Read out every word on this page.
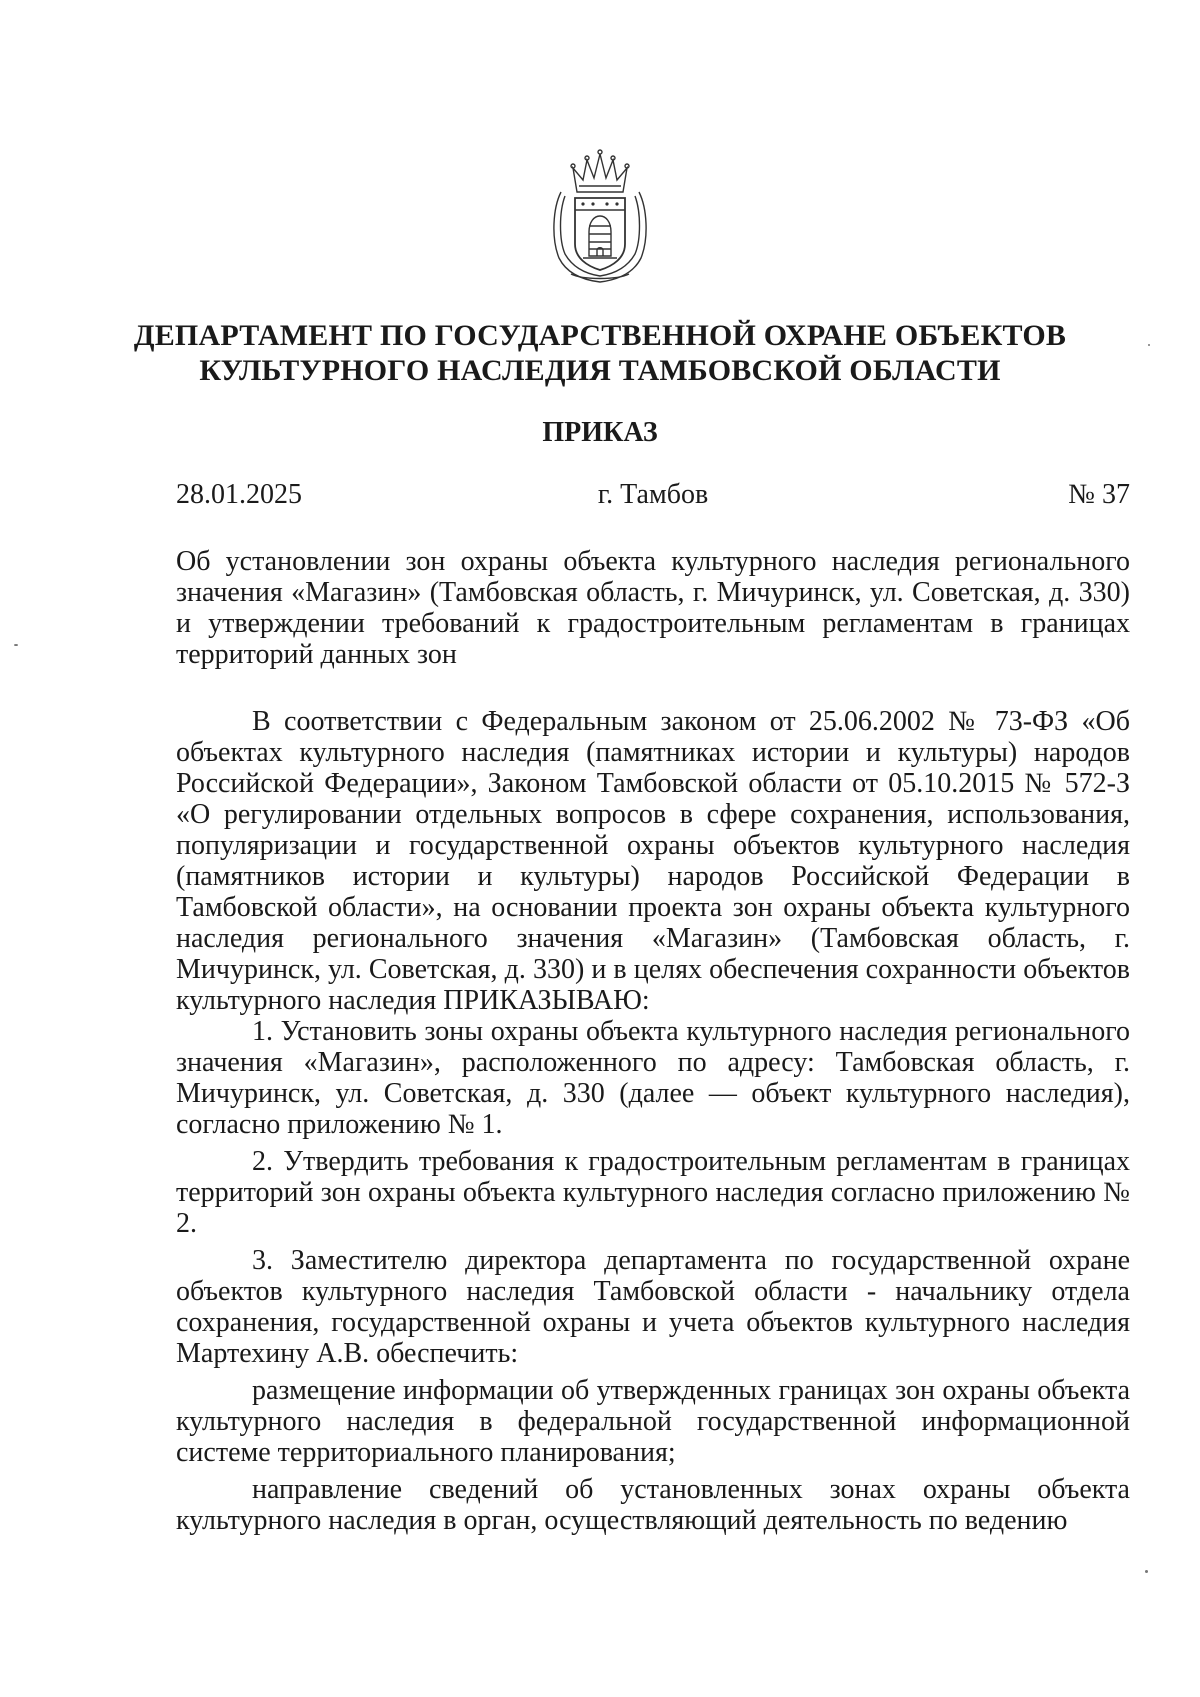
ДЕПАРТАМЕНТ ПО ГОСУДАРСТВЕННОЙ ОХРАНЕ ОБЪЕКТОВ
КУЛЬТУРНОГО НАСЛЕДИЯ ТАМБОВСКОЙ ОБЛАСТИ
ПРИКАЗ
28.01.2025	г. Тамбов	№ 37
Об установлении зон охраны объекта культурного наследия регионального значения «Магазин» (Тамбовская область, г. Мичуринск, ул. Советская, д. 330) и утверждении требований к градостроительным регламентам в границах территорий данных зон

В соответствии с Федеральным законом от 25.06.2002 № 73-ФЗ «Об объектах культурного наследия (памятниках истории и культуры) народов Российской Федерации», Законом Тамбовской области от 05.10.2015 № 572-З «О регулировании отдельных вопросов в сфере сохранения, использования, популяризации и государственной охраны объектов культурного наследия (памятников истории и культуры) народов Российской Федерации в Тамбовской области», на основании проекта зон охраны объекта культурного наследия регионального значения «Магазин» (Тамбовская область, г. Мичуринск, ул. Советская, д. 330) и в целях обеспечения сохранности объектов культурного наследия ПРИКАЗЫВАЮ:

1. Установить зоны охраны объекта культурного наследия регионального значения «Магазин», расположенного по адресу: Тамбовская область, г. Мичуринск, ул. Советская, д. 330 (далее — объект культурного наследия), согласно приложению № 1.

2. Утвердить требования к градостроительным регламентам в границах территорий зон охраны объекта культурного наследия согласно приложению № 2.

3. Заместителю директора департамента по государственной охране объектов культурного наследия Тамбовской области - начальнику отдела сохранения, государственной охраны и учета объектов культурного наследия Мартехину А.В. обеспечить:

размещение информации об утвержденных границах зон охраны объекта культурного наследия в федеральной государственной информационной системе территориального планирования;

направление сведений об установленных зонах охраны объекта культурного наследия в орган, осуществляющий деятельность по ведению
